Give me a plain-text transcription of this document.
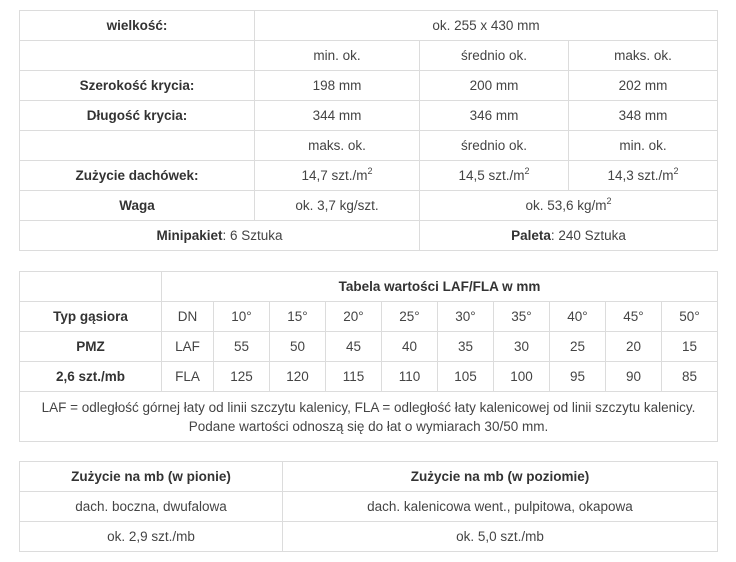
wielkość:	ok. 255 x 430 mm		
	min. ok.	średnio ok.	maks. ok.
Szerokość krycia:	198 mm	200 mm	202 mm
Długość krycia:	344 mm	346 mm	348 mm
	maks. ok.	średnio ok.	min. ok.
Zużycie dachówek:	14,7 $szt./m^2$	14,5 $szt./m^2$	14,3 $szt./m^2$
Waga	ok. 3,7 kg/szt.	ok. 53,6 $kg/m^2$
Minipakiet: 6 Sztuka		Paleta: 240 Sztuka	
	Tabela wartości LAF/FLA w mm									
Typ gąsiora	DN	10°	15°	20°	25°	30°	35°	40°	45°	50°
PMZ	LAF	55	50	45	40	35	30	25	20	15
2,6 szt./mb	FLA	125	120	115	110	105	100	95	90	85
LAF = odległość górnej łaty od linii szczytu kalenicy, FLA = odległość łaty kalenicowej od linii szczytu kalenicy. Podane wartości odnoszą się do łat o wymiarach 30/50 mm.										
Zużycie na mb (w pionie)	Zużycie na mb (w poziomie)
dach. boczna, dwufalowa	dach. kalenicowa went., pulpitowa, okapowa
ok. 2,9 szt./mb	ok. 5,0 szt./mb
